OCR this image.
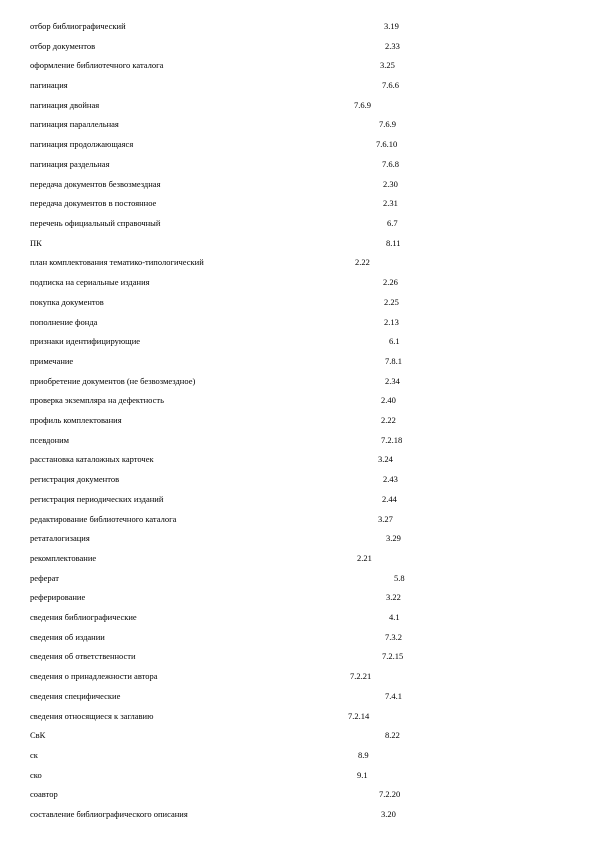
отбор библиографический	3.19
отбор документов	2.33
оформление библиотечного каталога	3.25
пагинация	7.6.6
пагинация двойная	7.6.9
пагинация параллельная	7.6.9
пагинация продолжающаяся	7.6.10
пагинация раздельная	7.6.8
передача документов безвозмездная	2.30
передача документов в постоянное	2.31
перечень официальный справочный	6.7
ПК	8.11
план комплектования тематико-типологический	2.22
подписка на сериальные издания	2.26
покупка документов	2.25
пополнение фонда	2.13
признаки идентифицирующие	6.1
примечание	7.8.1
приобретение документов (не безвозмездное)	2.34
проверка экземпляра на дефектность	2.40
профиль комплектования	2.22
псевдоним	7.2.18
расстановка каталожных карточек	3.24
регистрация документов	2.43
регистрация периодических изданий	2.44
редактирование библиотечного каталога	3.27
ретаталогизация	3.29
рекомплектование	2.21
реферат	5.8
реферирование	3.22
сведения библиографические	4.1
сведения об издании	7.3.2
сведения об ответственности	7.2.15
сведения о принадлежности автора	7.2.21
сведения специфические	7.4.1
сведения относящиеся к заглавию	7.2.14
СвК	8.22
ск	8.9
ско	9.1
соавтор	7.2.20
составление библиографического описания	3.20
